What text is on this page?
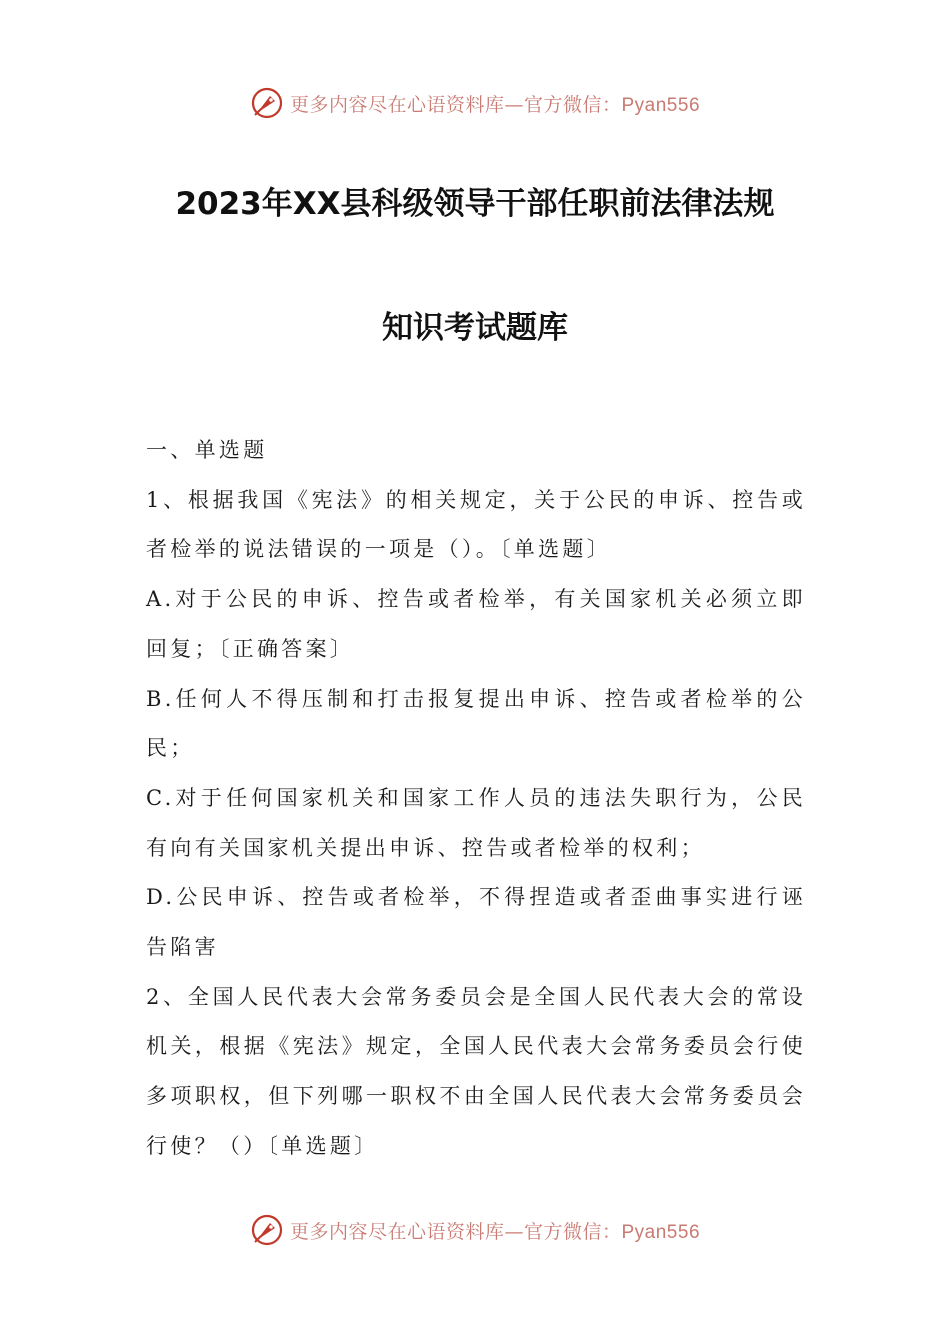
更多内容尽在心语资料库—官方微信：Pyan556
2023年XX县科级领导干部任职前法律法规
知识考试题库

一、单选题

1、根据我国《宪法》的相关规定，关于公民的申诉、控告或者检举的说法错误的一项是（）。〔单选题〕

A.对于公民的申诉、控告或者检举，有关国家机关必须立即回复；〔正确答案〕

B.任何人不得压制和打击报复提出申诉、控告或者检举的公民；

C.对于任何国家机关和国家工作人员的违法失职行为，公民有向有关国家机关提出申诉、控告或者检举的权利；

D.公民申诉、控告或者检举，不得捏造或者歪曲事实进行诬告陷害

2、全国人民代表大会常务委员会是全国人民代表大会的常设机关，根据《宪法》规定，全国人民代表大会常务委员会行使多项职权，但下列哪一职权不由全国人民代表大会常务委员会行使？（）〔单选题〕

更多内容尽在心语资料库—官方微信：Pyan556
